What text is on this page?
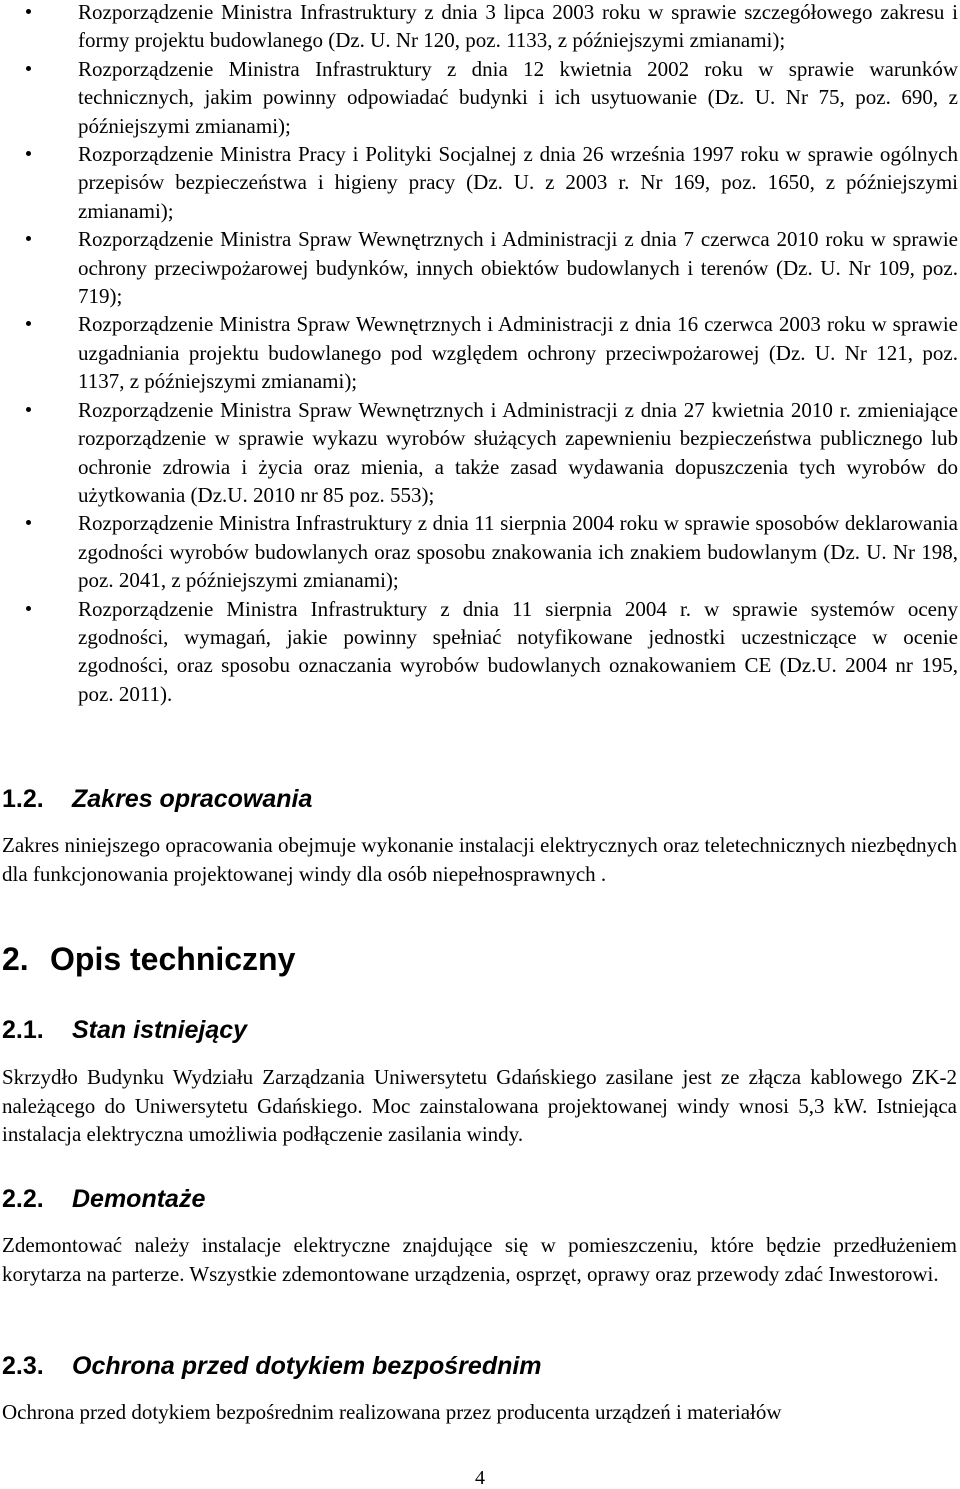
Rozporządzenie Ministra Infrastruktury z dnia 3 lipca 2003 roku w sprawie szczegółowego zakresu i formy projektu budowlanego (Dz. U. Nr 120, poz. 1133, z późniejszymi zmianami);
Rozporządzenie Ministra Infrastruktury z dnia 12 kwietnia 2002 roku w sprawie warunków technicznych, jakim powinny odpowiadać budynki i ich usytuowanie (Dz. U. Nr 75, poz. 690, z późniejszymi zmianami);
Rozporządzenie Ministra Pracy i Polityki Socjalnej z dnia 26 września 1997 roku w sprawie ogólnych przepisów bezpieczeństwa i higieny pracy (Dz. U. z 2003 r. Nr 169, poz. 1650, z późniejszymi zmianami);
Rozporządzenie Ministra Spraw Wewnętrznych i Administracji z dnia 7 czerwca 2010 roku w sprawie ochrony przeciwpożarowej budynków, innych obiektów budowlanych i terenów (Dz. U. Nr 109, poz. 719);
Rozporządzenie Ministra Spraw Wewnętrznych i Administracji z dnia 16 czerwca 2003 roku w sprawie uzgadniania projektu budowlanego pod względem ochrony przeciwpożarowej (Dz. U. Nr 121, poz. 1137, z późniejszymi zmianami);
Rozporządzenie Ministra Spraw Wewnętrznych i Administracji z dnia 27 kwietnia 2010 r. zmieniające rozporządzenie w sprawie wykazu wyrobów służących zapewnieniu bezpieczeństwa publicznego lub ochronie zdrowia i życia oraz mienia, a także zasad wydawania dopuszczenia tych wyrobów do użytkowania (Dz.U. 2010 nr 85 poz. 553);
Rozporządzenie Ministra Infrastruktury z dnia 11 sierpnia 2004 roku w sprawie sposobów deklarowania zgodności wyrobów budowlanych oraz sposobu znakowania ich znakiem budowlanym (Dz. U. Nr 198, poz. 2041, z późniejszymi zmianami);
Rozporządzenie Ministra Infrastruktury z dnia 11 sierpnia 2004 r. w sprawie systemów oceny zgodności, wymagań, jakie powinny spełniać notyfikowane jednostki uczestniczące w ocenie zgodności, oraz sposobu oznaczania wyrobów budowlanych oznakowaniem CE (Dz.U. 2004 nr 195, poz. 2011).
1.2. Zakres opracowania

Zakres niniejszego opracowania obejmuje wykonanie instalacji elektrycznych oraz teletechnicznych niezbędnych dla funkcjonowania projektowanej windy dla osób niepełnosprawnych .

2. Opis techniczny
2.1. Stan istniejący

Skrzydło Budynku Wydziału Zarządzania Uniwersytetu Gdańskiego zasilane jest ze złącza kablowego ZK-2 należącego do Uniwersytetu Gdańskiego. Moc zainstalowana projektowanej windy wnosi 5,3 kW. Istniejąca instalacja elektryczna umożliwia podłączenie zasilania windy.

2.2. Demontaże

Zdemontować należy instalacje elektryczne znajdujące się w pomieszczeniu, które będzie przedłużeniem korytarza na parterze. Wszystkie zdemontowane urządzenia, osprzęt, oprawy oraz przewody zdać Inwestorowi.

2.3. Ochrona przed dotykiem bezpośrednim

Ochrona przed dotykiem bezpośrednim realizowana przez producenta urządzeń i materiałów

4
